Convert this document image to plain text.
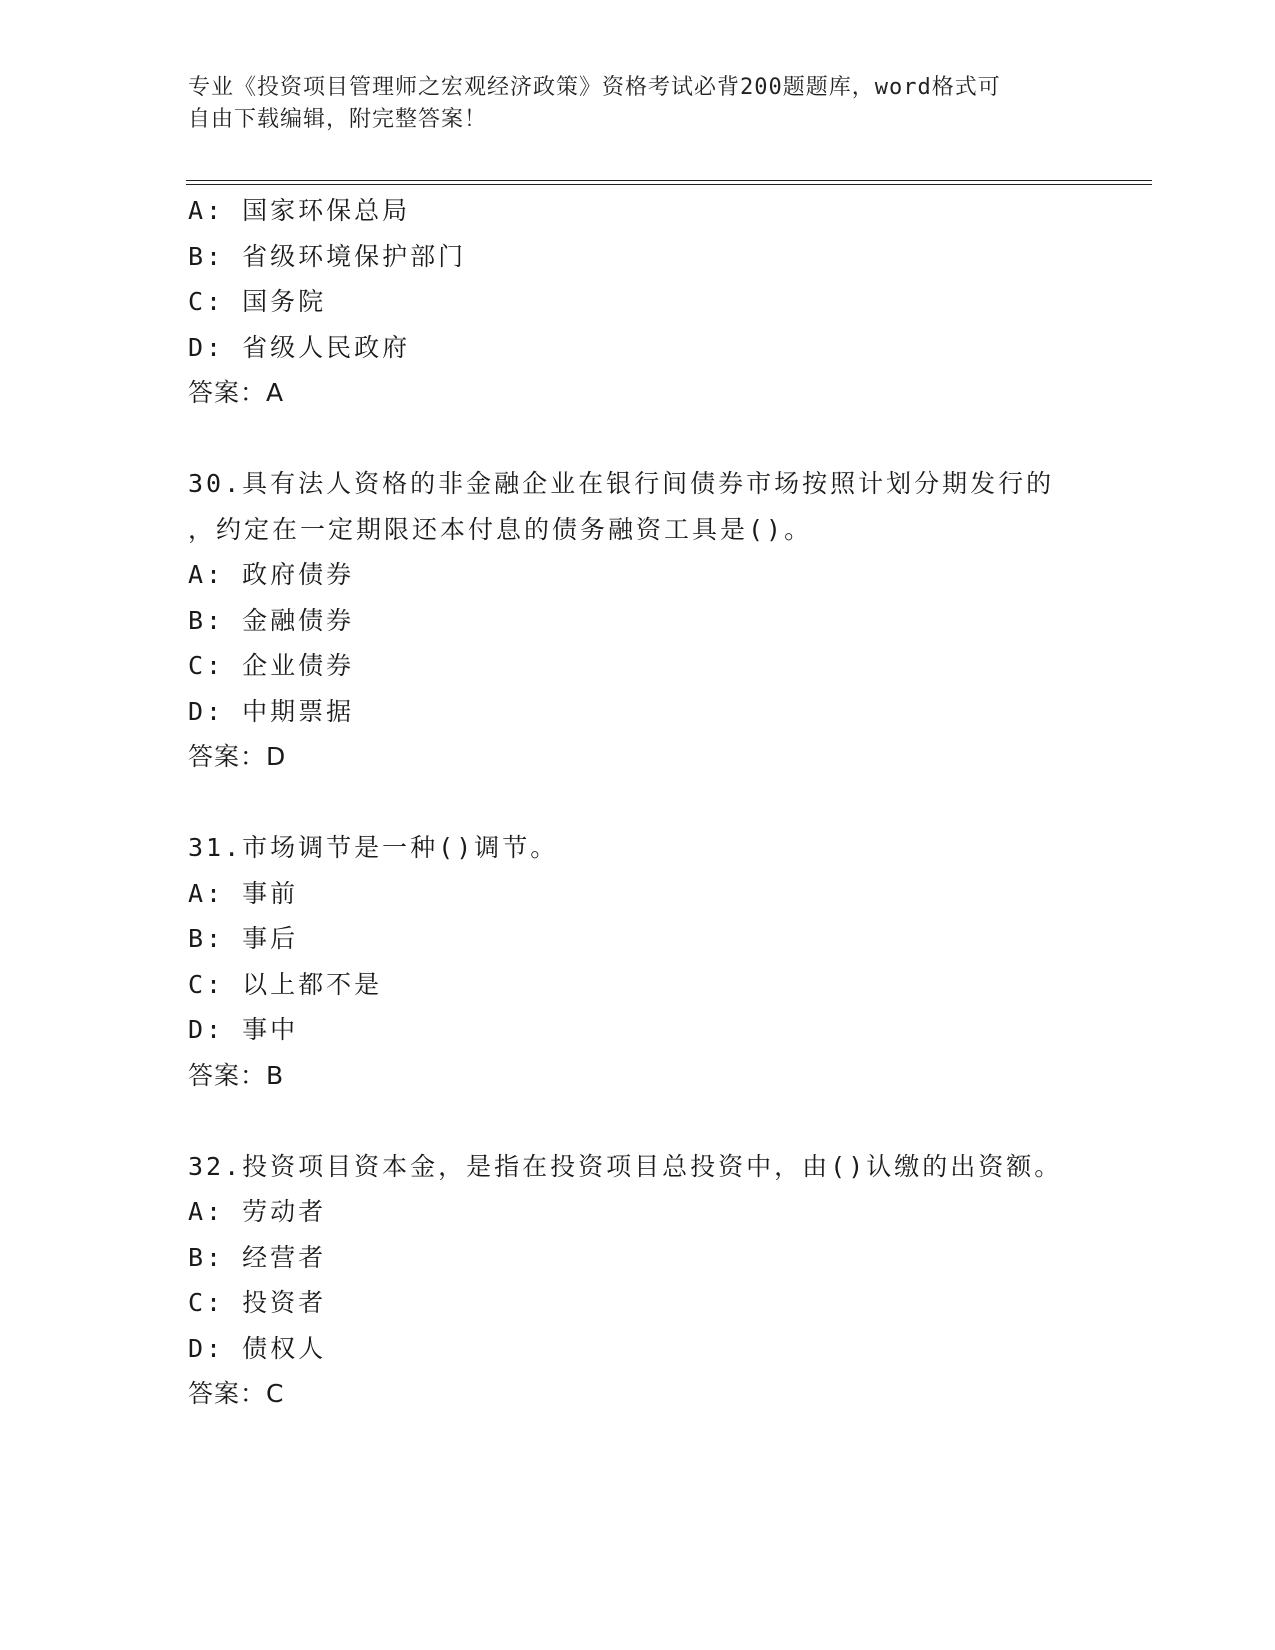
专业《投资项目管理师之宏观经济政策》资格考试必背200题题库，word格式可
自由下载编辑，附完整答案！
A: 国家环保总局
B: 省级环境保护部门
C: 国务院
D: 省级人民政府
答案：A
30.具有法人资格的非金融企业在银行间债券市场按照计划分期发行的
，约定在一定期限还本付息的债务融资工具是()。
A: 政府债券
B: 金融债券
C: 企业债券
D: 中期票据
答案：D
31.市场调节是一种()调节。
A: 事前
B: 事后
C: 以上都不是
D: 事中
答案：B
32.投资项目资本金，是指在投资项目总投资中，由()认缴的出资额。
A: 劳动者
B: 经营者
C: 投资者
D: 债权人
答案：C
